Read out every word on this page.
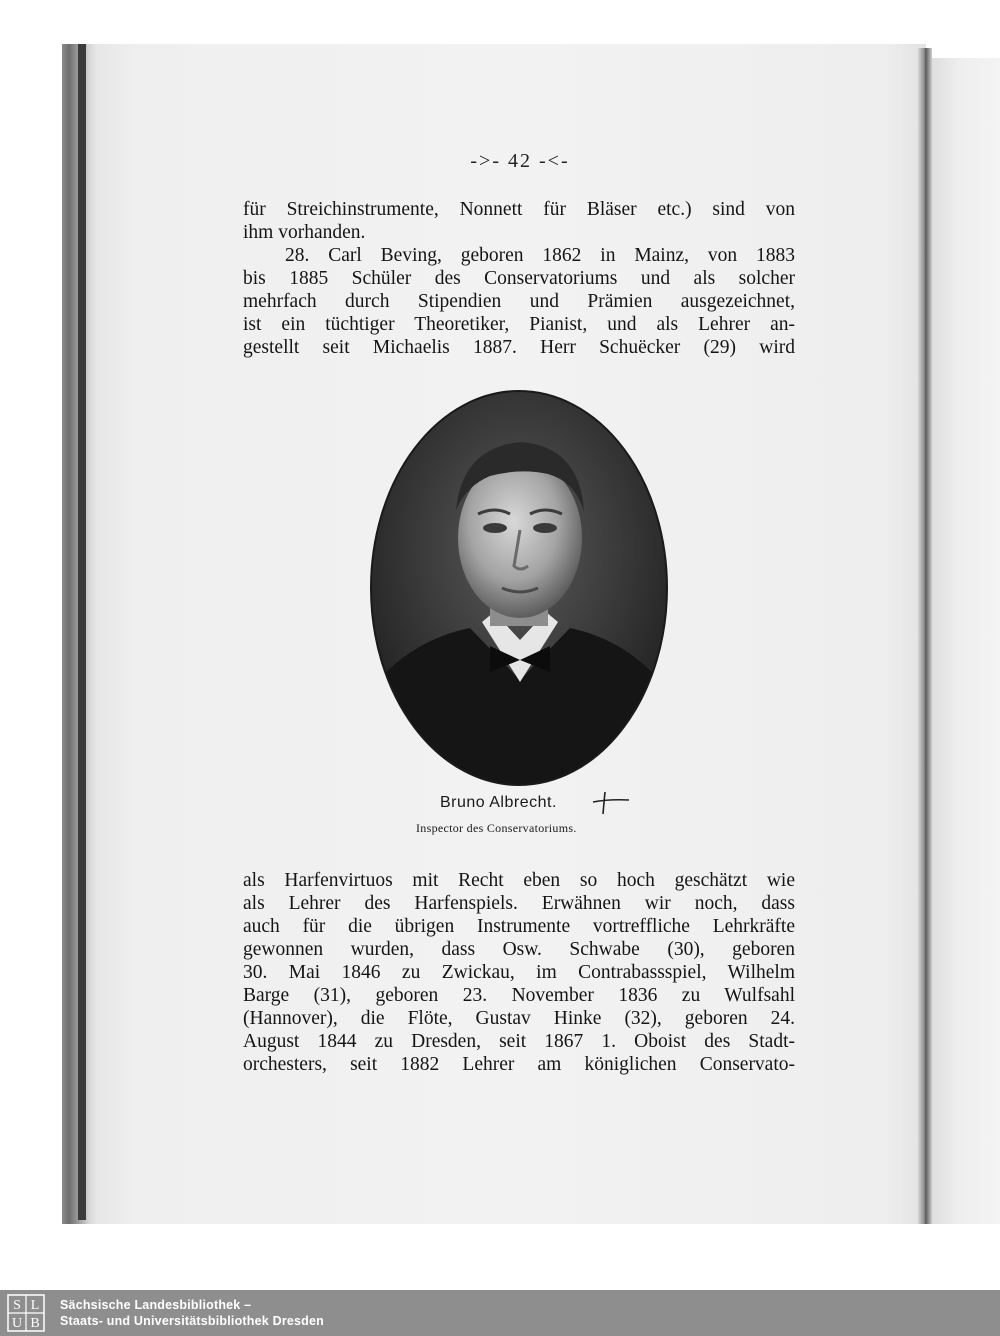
->- 42 -<-
für Streichinstrumente, Nonnett für Bläser etc.) sind von
ihm vorhanden.
28. Carl Beving, geboren 1862 in Mainz, von 1883
bis 1885 Schüler des Conservatoriums und als solcher
mehrfach durch Stipendien und Prämien ausgezeichnet,
ist ein tüchtiger Theoretiker, Pianist, und als Lehrer an-
gestellt seit Michaelis 1887. Herr Schuëcker (29) wird
Bruno Albrecht.
Inspector des Conservatoriums.
als Harfenvirtuos mit Recht eben so hoch geschätzt wie
als Lehrer des Harfenspiels. Erwähnen wir noch, dass
auch für die übrigen Instrumente vortreffliche Lehrkräfte
gewonnen wurden, dass Osw. Schwabe (30), geboren
30. Mai 1846 zu Zwickau, im Contrabassspiel, Wilhelm
Barge (31), geboren 23. November 1836 zu Wulfsahl
(Hannover), die Flöte, Gustav Hinke (32), geboren 24.
August 1844 zu Dresden, seit 1867 1. Oboist des Stadt-
orchesters, seit 1882 Lehrer am königlichen Conservato-
S L
U B
Sächsische Landesbibliothek –
Staats- und Universitätsbibliothek Dresden
